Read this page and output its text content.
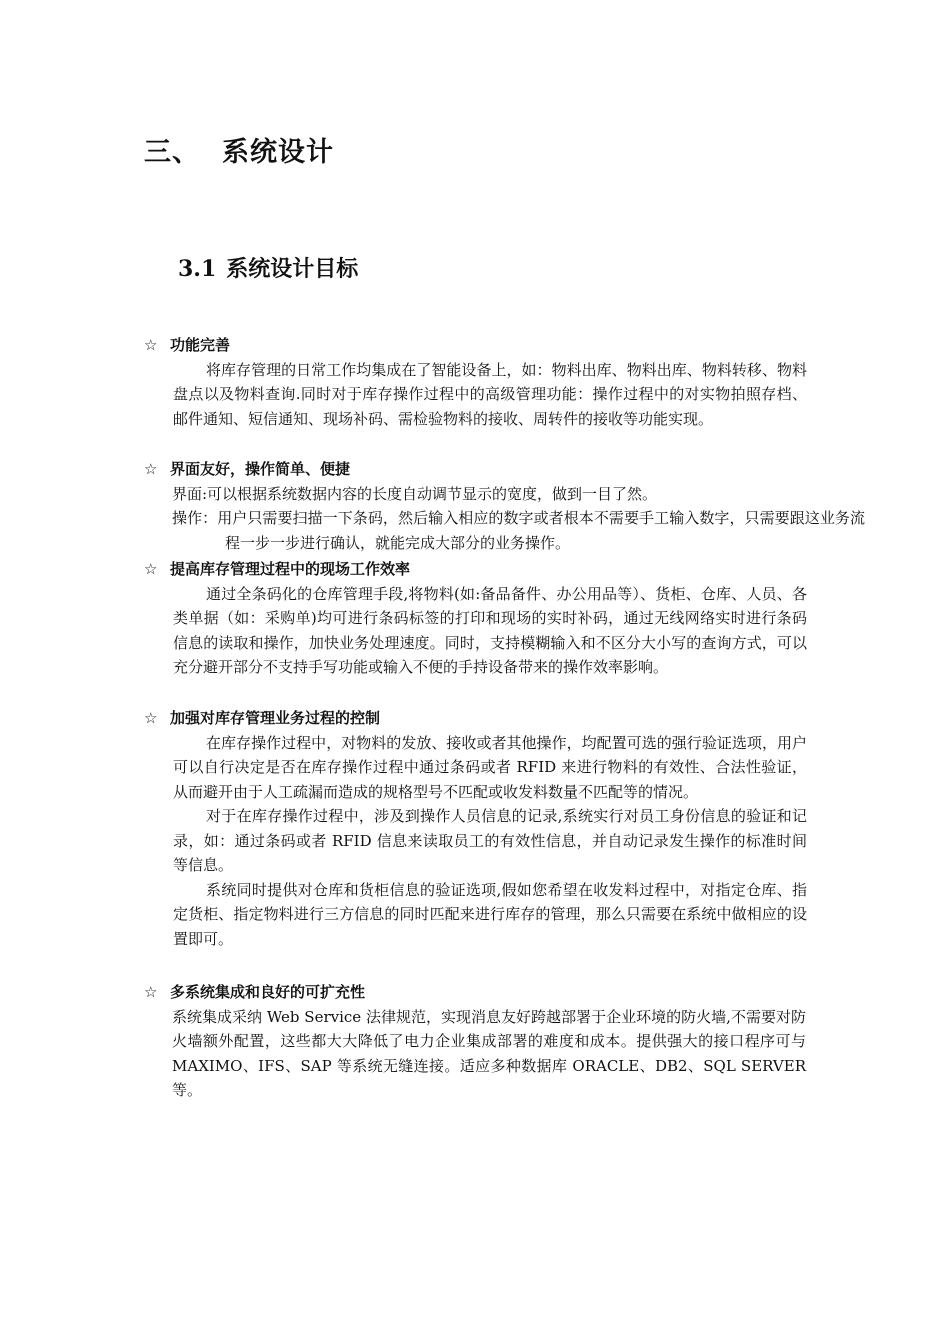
三、 系统设计
3.1 系统设计目标
☆ 功能完善
将库存管理的日常工作均集成在了智能设备上，如：物料出库、物料出库、物料转移、物料盘点以及物料查询.同时对于库存操作过程中的高级管理功能：操作过程中的对实物拍照存档、邮件通知、短信通知、现场补码、需检验物料的接收、周转件的接收等功能实现。
☆ 界面友好，操作简单、便捷
界面:可以根据系统数据内容的长度自动调节显示的宽度，做到一目了然。
操作：用户只需要扫描一下条码，然后输入相应的数字或者根本不需要手工输入数字，只需要跟这业务流程一步一步进行确认，就能完成大部分的业务操作。
☆ 提高库存管理过程中的现场工作效率
通过全条码化的仓库管理手段,将物料(如:备品备件、办公用品等）、货柜、仓库、人员、各类单据（如：采购单)均可进行条码标签的打印和现场的实时补码，通过无线网络实时进行条码信息的读取和操作，加快业务处理速度。同时，支持模糊输入和不区分大小写的查询方式，可以充分避开部分不支持手写功能或输入不便的手持设备带来的操作效率影响。
☆ 加强对库存管理业务过程的控制
在库存操作过程中，对物料的发放、接收或者其他操作，均配置可选的强行验证选项，用户可以自行决定是否在库存操作过程中通过条码或者 RFID 来进行物料的有效性、合法性验证，从而避开由于人工疏漏而造成的规格型号不匹配或收发料数量不匹配等的情况。
对于在库存操作过程中，涉及到操作人员信息的记录,系统实行对员工身份信息的验证和记录，如：通过条码或者 RFID 信息来读取员工的有效性信息，并自动记录发生操作的标准时间等信息。
系统同时提供对仓库和货柜信息的验证选项,假如您希望在收发料过程中，对指定仓库、指定货柜、指定物料进行三方信息的同时匹配来进行库存的管理，那么只需要在系统中做相应的设置即可。
☆ 多系统集成和良好的可扩充性
系统集成采纳 Web Service 法律规范，实现消息友好跨越部署于企业环境的防火墙,不需要对防火墙额外配置，这些都大大降低了电力企业集成部署的难度和成本。提供强大的接口程序可与 MAXIMO、IFS、SAP 等系统无缝连接。适应多种数据库 ORACLE、DB2、SQL SERVER 等。
